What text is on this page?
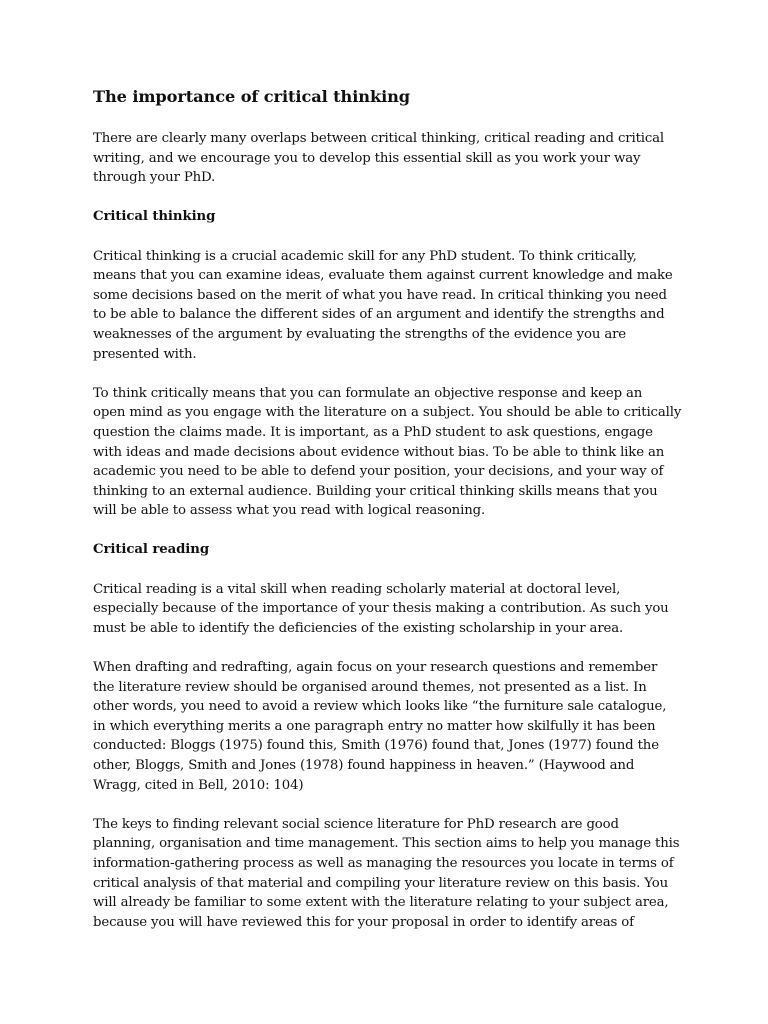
The importance of critical thinking
There are clearly many overlaps between critical thinking, critical reading and critical
writing, and we encourage you to develop this essential skill as you work your way
through your PhD.
Critical thinking
Critical thinking is a crucial academic skill for any PhD student. To think critically,
means that you can examine ideas, evaluate them against current knowledge and make
some decisions based on the merit of what you have read. In critical thinking you need
to be able to balance the different sides of an argument and identify the strengths and
weaknesses of the argument by evaluating the strengths of the evidence you are
presented with.
To think critically means that you can formulate an objective response and keep an
open mind as you engage with the literature on a subject. You should be able to critically
question the claims made. It is important, as a PhD student to ask questions, engage
with ideas and made decisions about evidence without bias. To be able to think like an
academic you need to be able to defend your position, your decisions, and your way of
thinking to an external audience. Building your critical thinking skills means that you
will be able to assess what you read with logical reasoning.
Critical reading
Critical reading is a vital skill when reading scholarly material at doctoral level,
especially because of the importance of your thesis making a contribution. As such you
must be able to identify the deficiencies of the existing scholarship in your area.
When drafting and redrafting, again focus on your research questions and remember
the literature review should be organised around themes, not presented as a list. In
other words, you need to avoid a review which looks like “the furniture sale catalogue,
in which everything merits a one paragraph entry no matter how skilfully it has been
conducted: Bloggs (1975) found this, Smith (1976) found that, Jones (1977) found the
other, Bloggs, Smith and Jones (1978) found happiness in heaven.” (Haywood and
Wragg, cited in Bell, 2010: 104)
The keys to finding relevant social science literature for PhD research are good
planning, organisation and time management. This section aims to help you manage this
information-gathering process as well as managing the resources you locate in terms of
critical analysis of that material and compiling your literature review on this basis. You
will already be familiar to some extent with the literature relating to your subject area,
because you will have reviewed this for your proposal in order to identify areas of
